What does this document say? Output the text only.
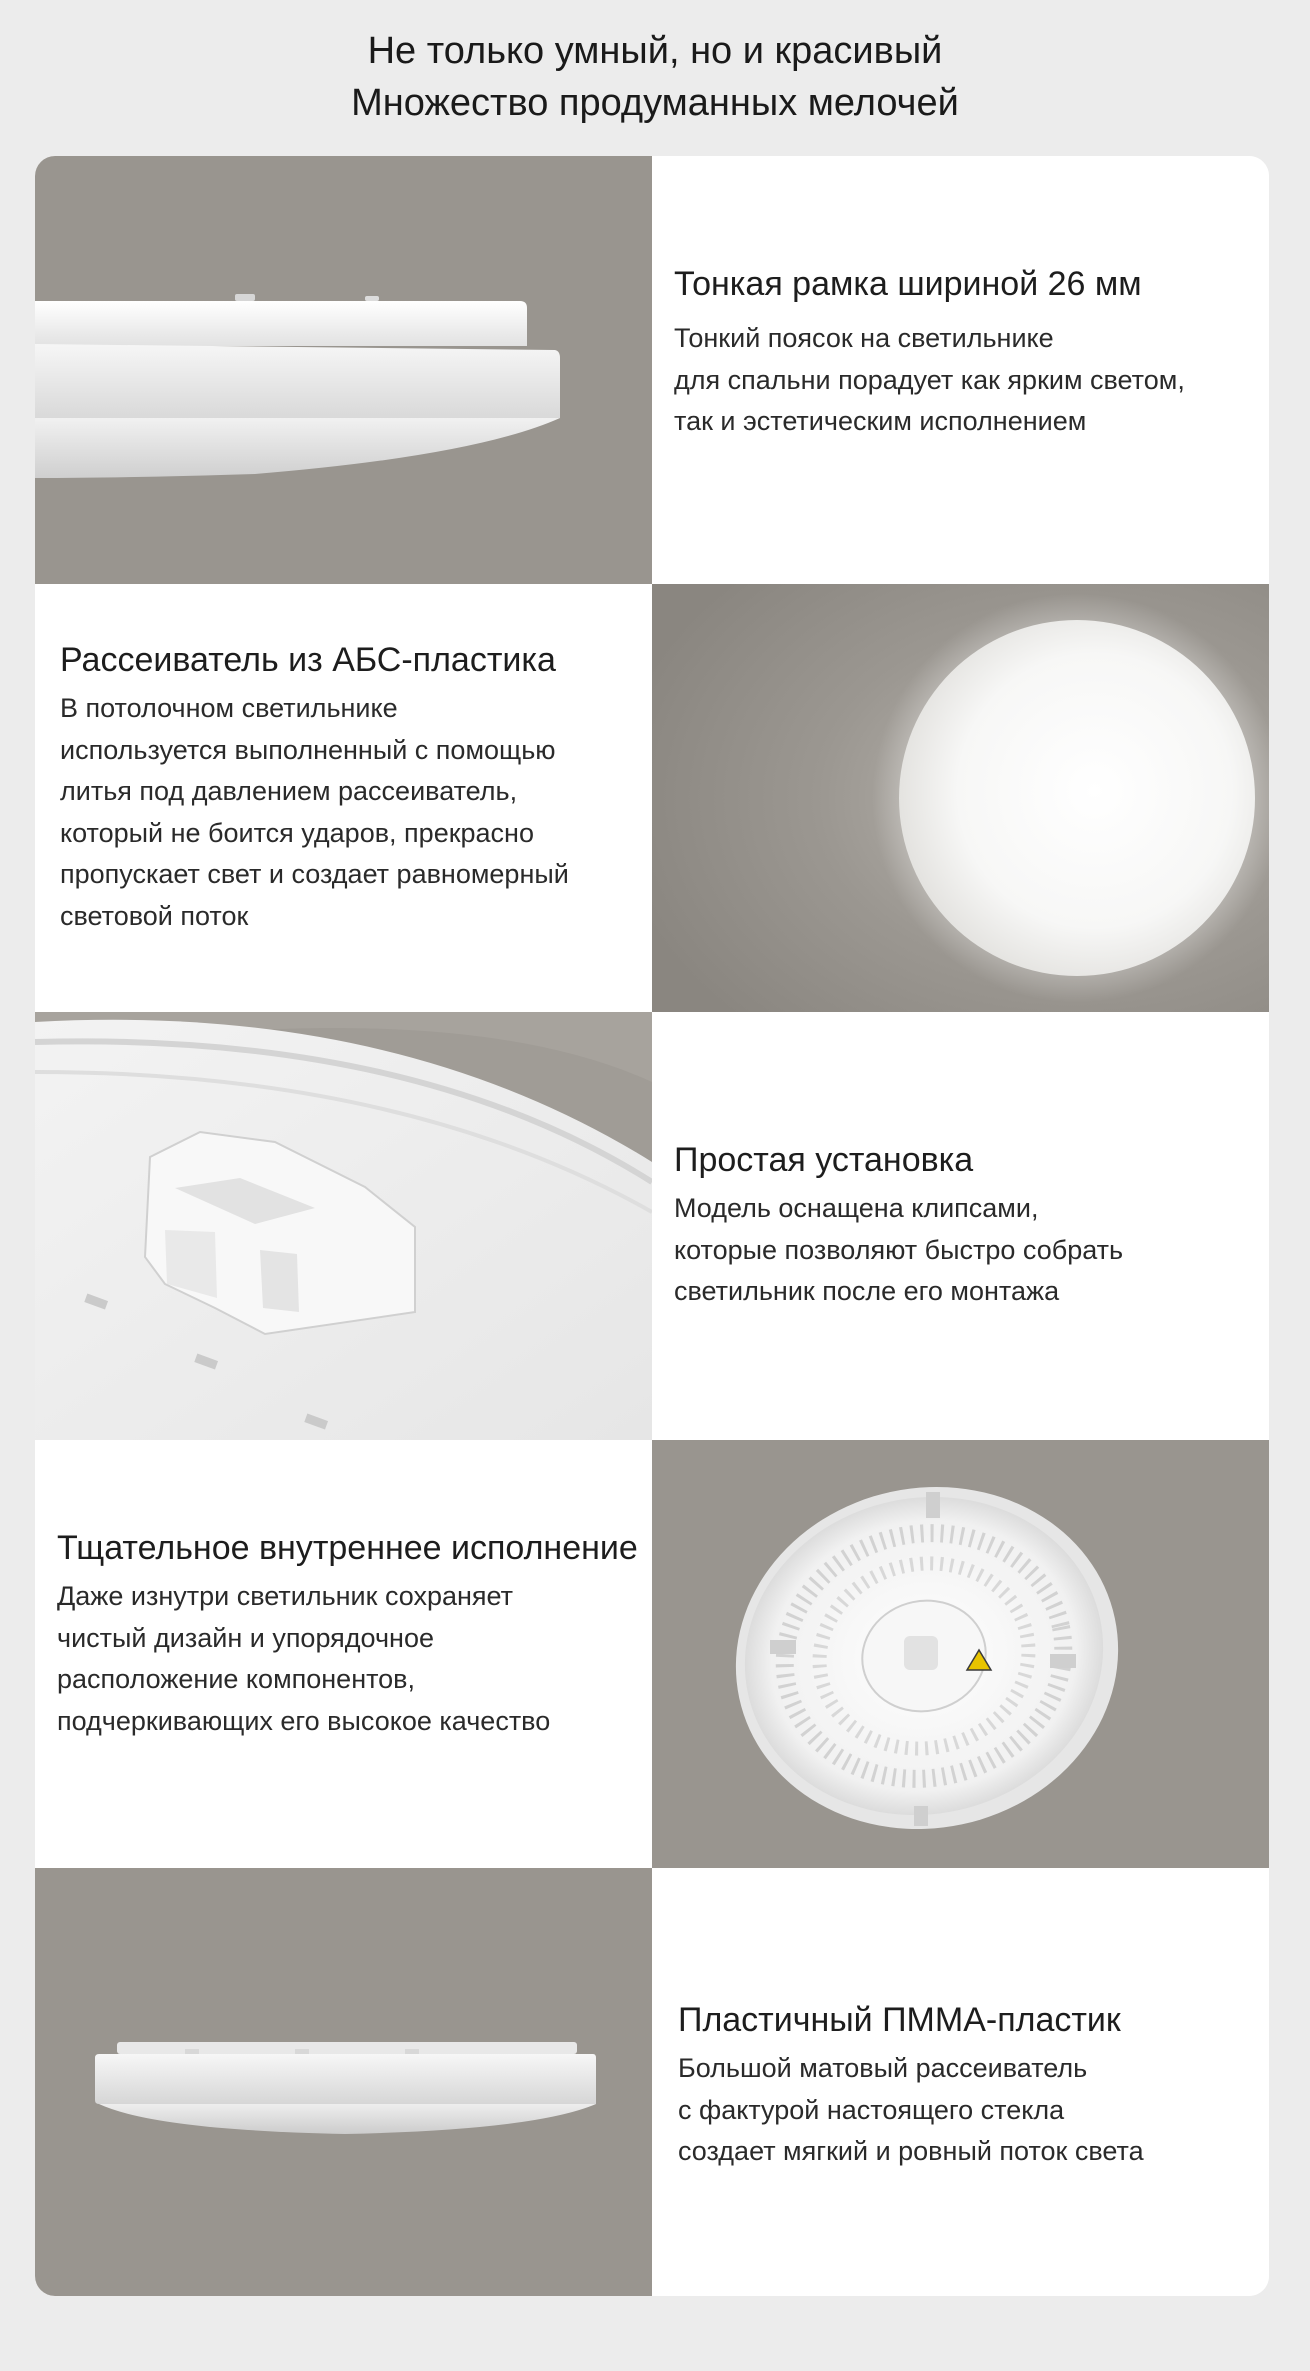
Не только умный, но и красивый
Множество продуманных мелочей
Тонкая рамка шириной 26 мм
Тонкий поясок на светильнике
для спальни порадует как ярким светом,
так и эстетическим исполнением
Рассеиватель из АБС-пластика
В потолочном светильнике
используется выполненный с помощью
литья под давлением рассеиватель,
который не боится ударов, прекрасно
пропускает свет и создает равномерный
световой поток
Простая установка
Модель оснащена клипсами,
которые позволяют быстро собрать
светильник после его монтажа
Тщательное внутреннее исполнение
Даже изнутри светильник сохраняет
чистый дизайн и упорядочное
расположение компонентов,
подчеркивающих его высокое качество
Пластичный ПММА-пластик
Большой матовый рассеиватель
с фактурой настоящего стекла
создает мягкий и ровный поток света
